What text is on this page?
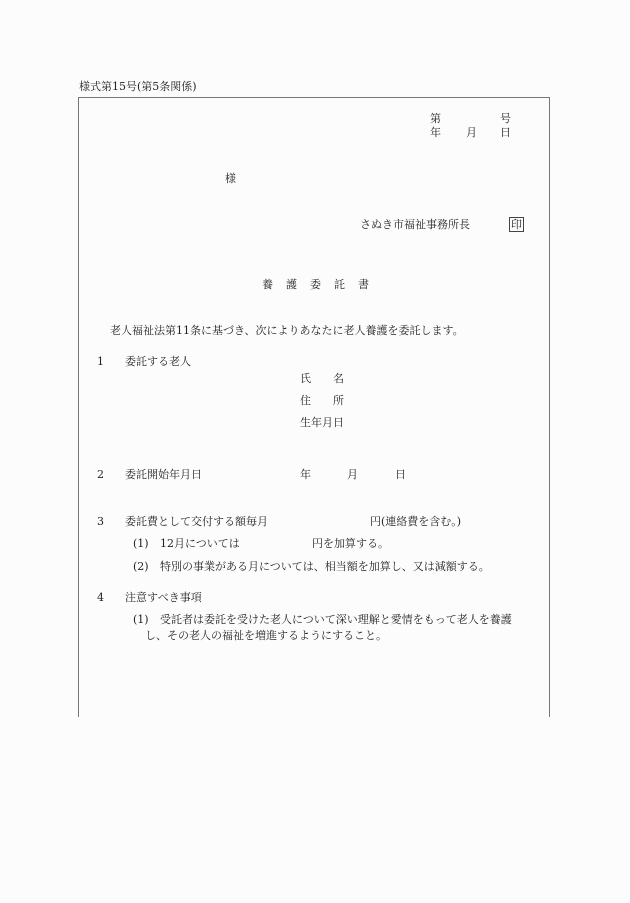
様式第15号(第5条関係)
第	号
年 月 日
様
さぬき市福祉事務所長	印
養護委託書
老人福祉法第11条に基づき、次によりあなたに老人養護を委託します。
1 委託する老人
氏　　名
住　　所
生年月日
2 委託開始年月日	年	月	日
3 委託費として交付する額毎月	円(連絡費を含む。)
(1) 12月については	円を加算する。
(2) 特別の事業がある月については、相当額を加算し、又は減額する。
4 注意すべき事項
(1) 受託者は委託を受けた老人について深い理解と愛情をもって老人を養護
し、その老人の福祉を増進するようにすること。
